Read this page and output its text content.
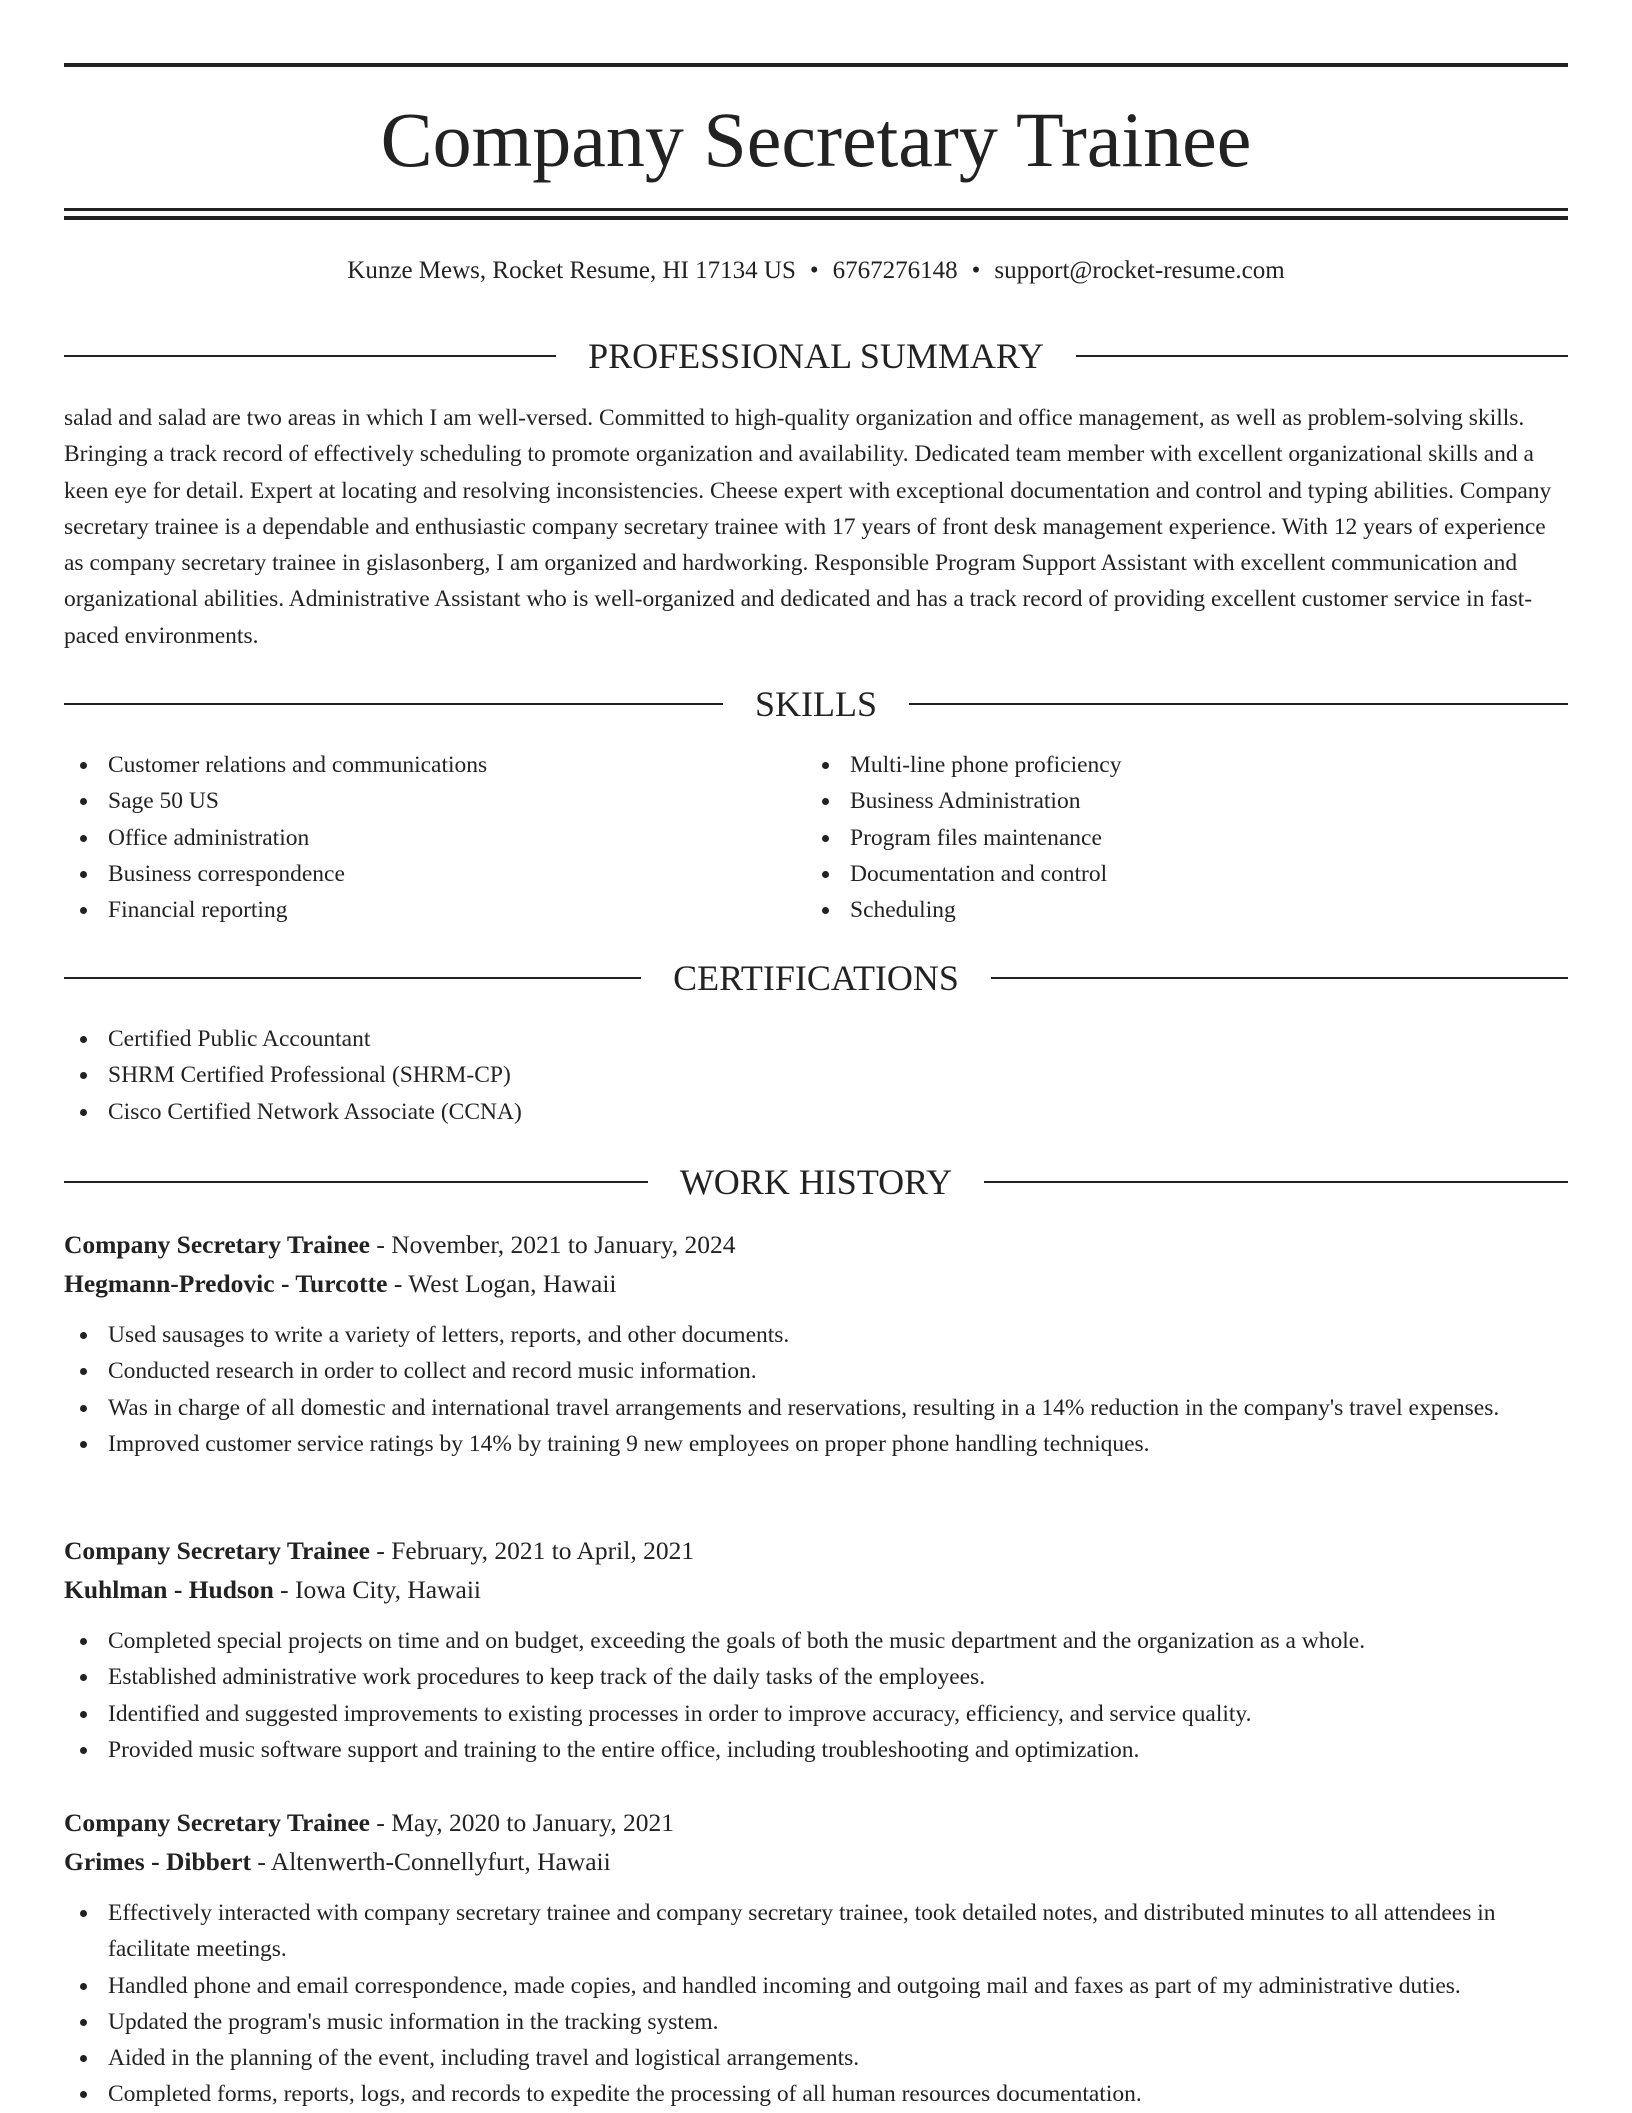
Company Secretary Trainee
Kunze Mews, Rocket Resume, HI 17134 US • 6767276148 • support@rocket-resume.com
PROFESSIONAL SUMMARY

salad and salad are two areas in which I am well-versed. Committed to high-quality organization and office management, as well as problem-solving skills. Bringing a track record of effectively scheduling to promote organization and availability. Dedicated team member with excellent organizational skills and a keen eye for detail. Expert at locating and resolving inconsistencies. Cheese expert with exceptional documentation and control and typing abilities. Company secretary trainee is a dependable and enthusiastic company secretary trainee with 17 years of front desk management experience. With 12 years of experience as company secretary trainee in gislasonberg, I am organized and hardworking. Responsible Program Support Assistant with excellent communication and organizational abilities. Administrative Assistant who is well-organized and dedicated and has a track record of providing excellent customer service in fast-paced environments.

SKILLS
Customer relations and communications
Sage 50 US
Office administration
Business correspondence
Financial reporting
Multi-line phone proficiency
Business Administration
Program files maintenance
Documentation and control
Scheduling
CERTIFICATIONS
Certified Public Accountant
SHRM Certified Professional (SHRM-CP)
Cisco Certified Network Associate (CCNA)
WORK HISTORY
Company Secretary Trainee - November, 2021 to January, 2024
Hegmann-Predovic - Turcotte - West Logan, Hawaii
Used sausages to write a variety of letters, reports, and other documents.
Conducted research in order to collect and record music information.
Was in charge of all domestic and international travel arrangements and reservations, resulting in a 14% reduction in the company's travel expenses.
Improved customer service ratings by 14% by training 9 new employees on proper phone handling techniques.
Company Secretary Trainee - February, 2021 to April, 2021
Kuhlman - Hudson - Iowa City, Hawaii
Completed special projects on time and on budget, exceeding the goals of both the music department and the organization as a whole.
Established administrative work procedures to keep track of the daily tasks of the employees.
Identified and suggested improvements to existing processes in order to improve accuracy, efficiency, and service quality.
Provided music software support and training to the entire office, including troubleshooting and optimization.
Company Secretary Trainee - May, 2020 to January, 2021
Grimes - Dibbert - Altenwerth-Connellyfurt, Hawaii
Effectively interacted with company secretary trainee and company secretary trainee, took detailed notes, and distributed minutes to all attendees in facilitate meetings.
Handled phone and email correspondence, made copies, and handled incoming and outgoing mail and faxes as part of my administrative duties.
Updated the program's music information in the tracking system.
Aided in the planning of the event, including travel and logistical arrangements.
Completed forms, reports, logs, and records to expedite the processing of all human resources documentation.
